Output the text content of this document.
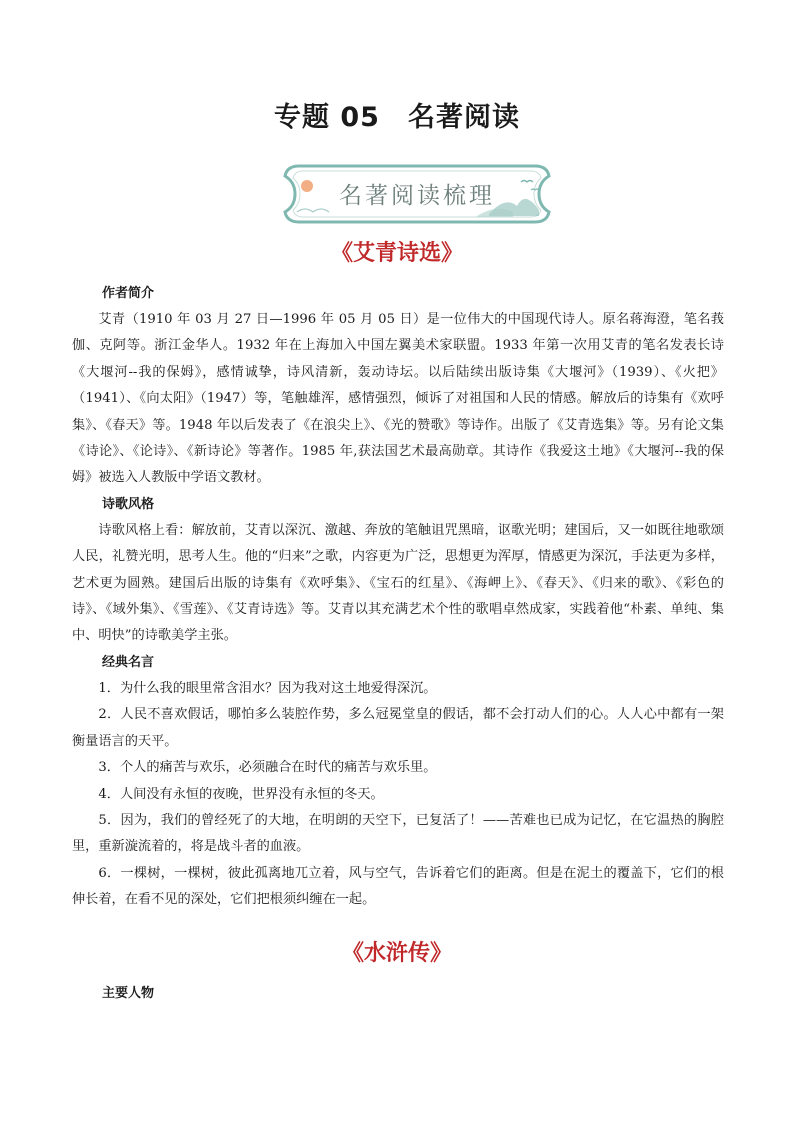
专题 05　名著阅读
名著阅读梳理
《艾青诗选》
作者简介

艾青（1910 年 03 月 27 日—1996 年 05 月 05 日）是一位伟大的中国现代诗人。原名蒋海澄，笔名莪伽、克阿等。浙江金华人。1932 年在上海加入中国左翼美术家联盟。1933 年第一次用艾青的笔名发表长诗《大堰河--我的保姆》，感情诚挚，诗风清新，轰动诗坛。以后陆续出版诗集《大堰河》（1939）、《火把》（1941）、《向太阳》（1947）等，笔触雄浑，感情强烈，倾诉了对祖国和人民的情感。解放后的诗集有《欢呼集》、《春天》等。1948 年以后发表了《在浪尖上》、《光的赞歌》等诗作。出版了《艾青选集》等。另有论文集《诗论》、《论诗》、《新诗论》等著作。1985 年,获法国艺术最高勋章。其诗作《我爱这土地》《大堰河--我的保姆》被选入人教版中学语文教材。

诗歌风格

诗歌风格上看：解放前，艾青以深沉、激越、奔放的笔触诅咒黑暗，讴歌光明；建国后，又一如既往地歌颂人民，礼赞光明，思考人生。他的“归来”之歌，内容更为广泛，思想更为浑厚，情感更为深沉，手法更为多样，艺术更为圆熟。建国后出版的诗集有《欢呼集》、《宝石的红星》、《海岬上》、《春天》、《归来的歌》、《彩色的诗》、《域外集》、《雪莲》、《艾青诗选》等。艾青以其充满艺术个性的歌唱卓然成家，实践着他“朴素、单纯、集中、明快”的诗歌美学主张。

经典名言

1．为什么我的眼里常含泪水？因为我对这土地爱得深沉。

2．人民不喜欢假话，哪怕多么装腔作势，多么冠冕堂皇的假话，都不会打动人们的心。人人心中都有一架衡量语言的天平。

3．个人的痛苦与欢乐，必须融合在时代的痛苦与欢乐里。

4．人间没有永恒的夜晚，世界没有永恒的冬天。

5．因为，我们的曾经死了的大地，在明朗的天空下，已复活了！——苦难也已成为记忆，在它温热的胸腔里，重新漩流着的，将是战斗者的血液。

6．一棵树，一棵树，彼此孤离地兀立着，风与空气，告诉着它们的距离。但是在泥土的覆盖下，它们的根伸长着，在看不见的深处，它们把根须纠缠在一起。

《水浒传》
主要人物
